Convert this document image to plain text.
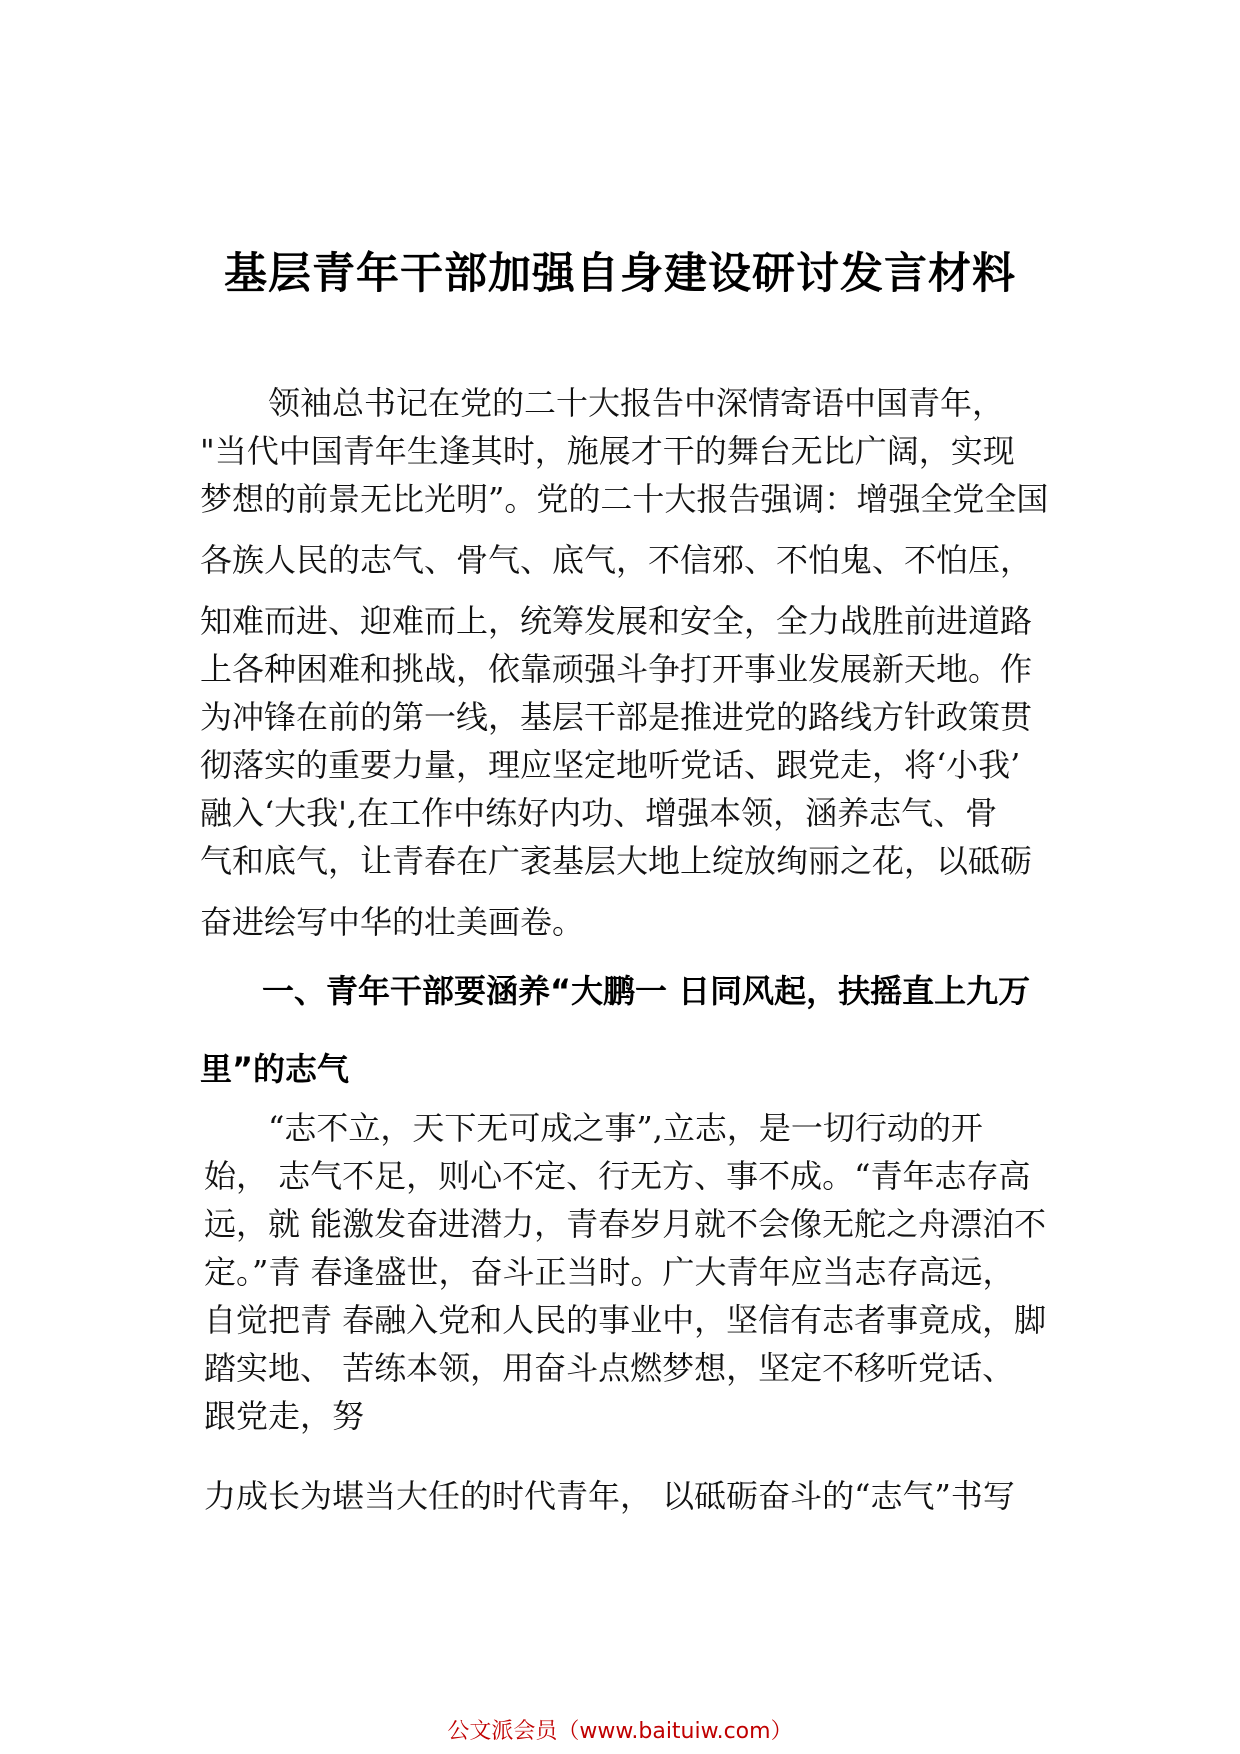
基层青年干部加强自身建设研讨发言材料

领袖总书记在党的二十大报告中深情寄语中国青年，

"当代中国青年生逢其时，施展才干的舞台无比广阔，实现

梦想的前景无比光明”。党的二十大报告强调：增强全党全国

各族人民的志气、骨气、底气，不信邪、不怕鬼、不怕压，

知难而进、迎难而上，统筹发展和安全，全力战胜前进道路

上各种困难和挑战，依靠顽强斗争打开事业发展新天地。作

为冲锋在前的第一线，基层干部是推进党的路线方针政策贯

彻落实的重要力量，理应坚定地听党话、跟党走，将‘小我’

融入‘大我',在工作中练好内功、增强本领，涵养志气、骨

气和底气，让青春在广袤基层大地上绽放绚丽之花，以砥砺

奋进绘写中华的壮美画卷。

一、青年干部要涵养“大鹏一 日同风起，扶摇直上九万

里”的志气

“志不立，天下无可成之事”,立志，是一切行动的开

始， 志气不足，则心不定、行无方、事不成。“青年志存高

远，就 能激发奋进潜力，青春岁月就不会像无舵之舟漂泊不

定。”青 春逢盛世，奋斗正当时。广大青年应当志存高远，

自觉把青 春融入党和人民的事业中，坚信有志者事竟成，脚

踏实地、 苦练本领，用奋斗点燃梦想，坚定不移听党话、

跟党走，努

力成长为堪当大任的时代青年， 以砥砺奋斗的“志气”书写

公文派会员（www.baituiw.com）
